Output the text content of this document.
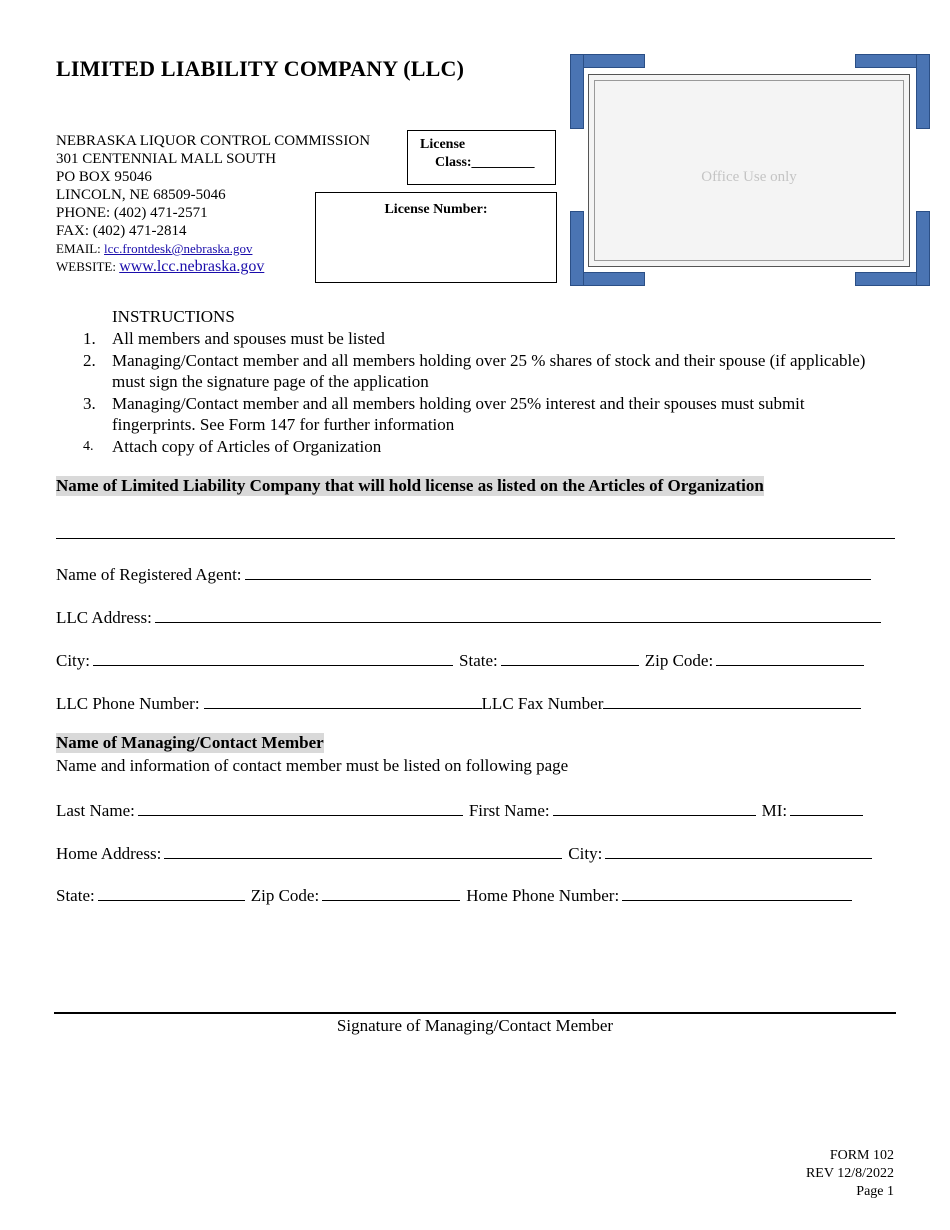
LIMITED LIABILITY COMPANY (LLC)
NEBRASKA LIQUOR CONTROL COMMISSION
301 CENTENNIAL MALL SOUTH
PO BOX 95046
LINCOLN, NE 68509-5046
PHONE: (402) 471-2571
FAX: (402) 471-2814
EMAIL: lcc.frontdesk@nebraska.gov
WEBSITE: www.lcc.nebraska.gov
License
Class:_________
License Number:
Office Use only
INSTRUCTIONS
1. All members and spouses must be listed
2. Managing/Contact member and all members holding over 25 % shares of stock and their spouse (if applicable) must sign the signature page of the application
3. Managing/Contact member and all members holding over 25% interest and their spouses must submit fingerprints. See Form 147 for further information
4. Attach copy of Articles of Organization
Name of Limited Liability Company that will hold license as listed on the Articles of Organization
Name of Registered Agent:
LLC Address:
City:	State:	Zip Code:
LLC Phone Number:	LLC Fax Number
Name of Managing/Contact Member
Name and information of contact member must be listed on following page
Last Name:	First Name:	MI:
Home Address:	City:
State:	Zip Code:	Home Phone Number:
Signature of Managing/Contact Member
FORM 102
REV 12/8/2022
Page 1
